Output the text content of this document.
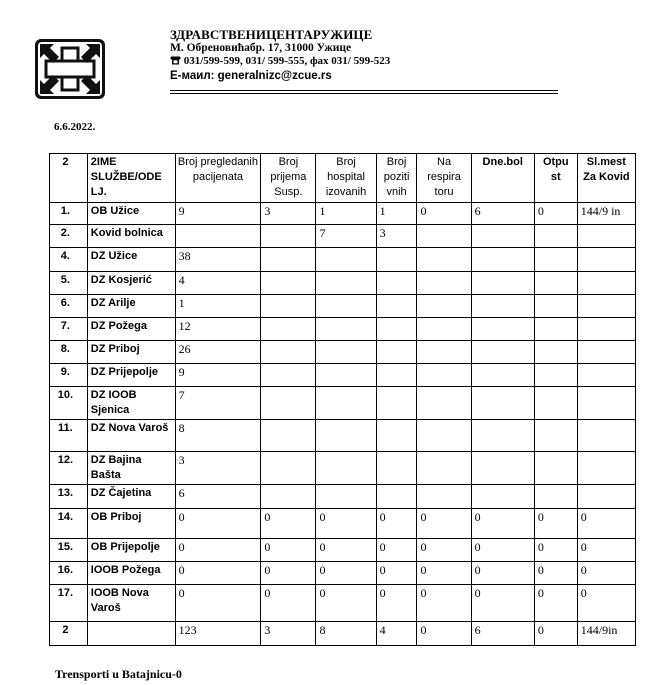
ЗДРАВСТВЕНИЦЕНТАРУЖИЦЕ
М. Обреновићабр. 17, 31000 Ужице
031/599-599, 031/ 599-555, фах 031/ 599-523
Е-маил: generalnizc@zcue.rs
6.6.2022.
2	2IME SLUŽBE/ODE LJ.	Broj pregledanih pacijenata	Broj prijema Susp.	Broj hospital izovanih	Broj poziti vnih	Na respira toru	Dne.bol	Otpu st	Sl.mest Za Kovid
1.	OB Užice	9	3	1	1	0	6	0	144/9 in
2.	Kovid bolnica			7	3				
4.	DZ Užice	38							
5.	DZ Kosjerić	4							
6.	DZ Arilje	1							
7.	DZ Požega	12							
8.	DZ Priboj	26							
9.	DZ Prijepolje	9							
10.	DZ IOOB Sjenica	7							
11.	DZ Nova Varoš	8							
12.	DZ Bajina Bašta	3							
13.	DZ Čajetina	6							
14.	OB Priboj	0	0	0	0	0	0	0	0
15.	OB Prijepolje	0	0	0	0	0	0	0	0
16.	IOOB Požega	0	0	0	0	0	0	0	0
17.	IOOB Nova Varoš	0	0	0	0	0	0	0	0
2		123	3	8	4	0	6	0	144/9in
Trensporti u Batajnicu-0
